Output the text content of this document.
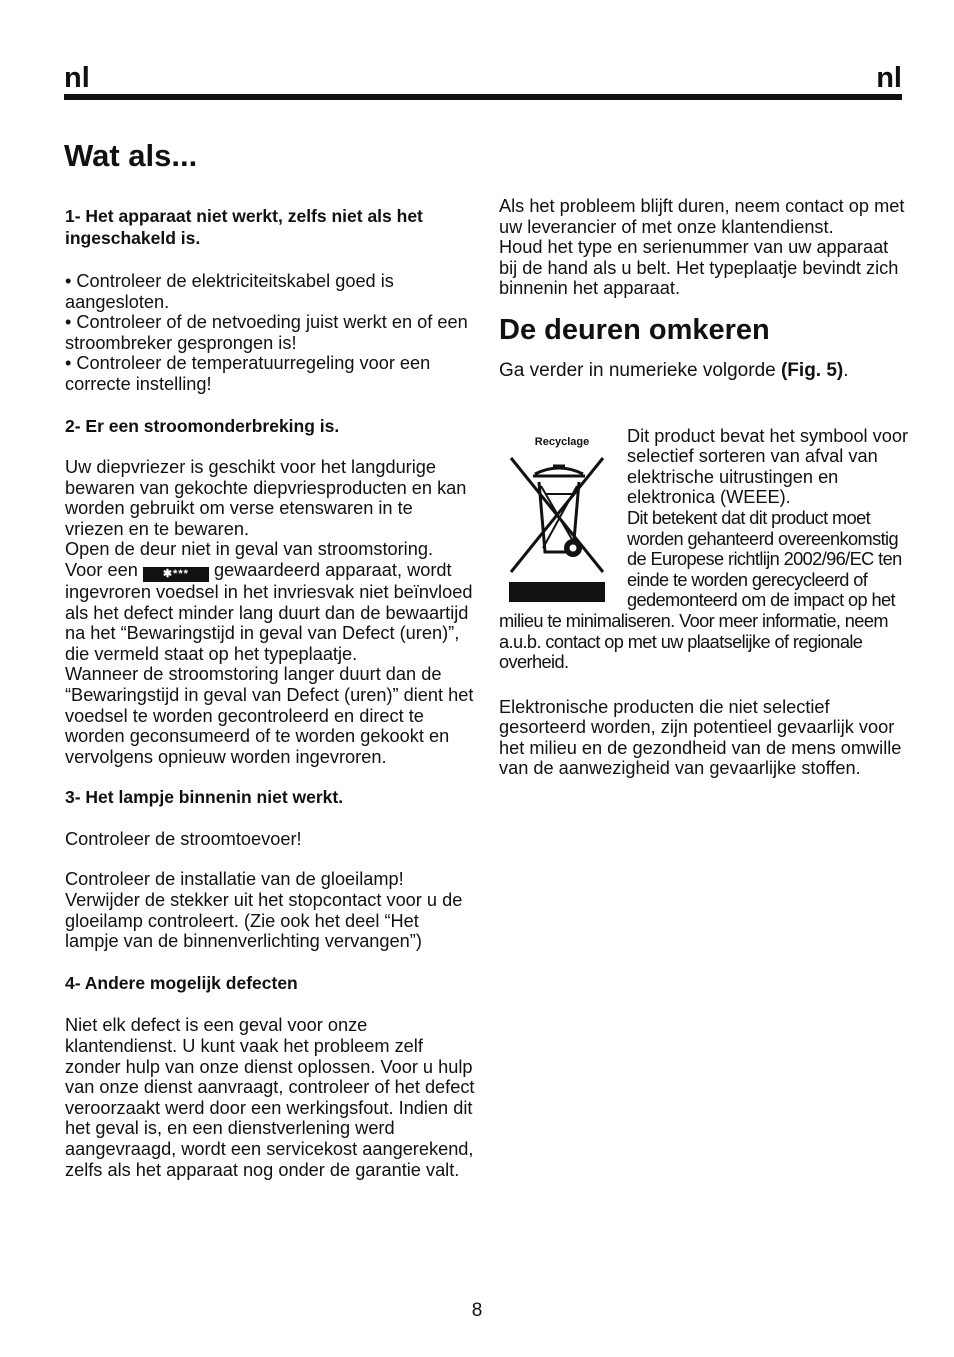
nl	nl
Wat als...

1- Het apparaat niet werkt, zelfs niet als het ingeschakeld is.

• Controleer de elektriciteitskabel goed is aangesloten.

• Controleer of de netvoeding juist werkt en of een stroombreker gesprongen is!

• Controleer de temperatuurregeling voor een correcte instelling!

2- Er een stroomonderbreking is.

Uw diepvriezer is geschikt voor het langdurige bewaren van gekochte diepvriesproducten en kan worden gebruikt om verse etenswaren in te vriezen en te bewaren.

Open de deur niet in geval van stroomstoring.

Voor een ✱*** gewaardeerd apparaat, wordt ingevroren voedsel in het invriesvak niet beïnvloed als het defect minder lang duurt dan de bewaartijd na het “Bewaringstijd in geval van Defect (uren)”, die vermeld staat op het typeplaatje.

Wanneer de stroomstoring langer duurt dan de “Bewaringstijd in geval van Defect (uren)” dient het voedsel te worden gecontroleerd en direct te worden geconsumeerd of te worden gekookt en vervolgens opnieuw worden ingevroren.

3- Het lampje binnenin niet werkt.

Controleer de stroomtoevoer!

Controleer de installatie van de gloeilamp! Verwijder de stekker uit het stopcontact voor u de gloeilamp controleert. (Zie ook het deel “Het lampje van de binnenverlichting vervangen”)

4- Andere mogelijk defecten

Niet elk defect is een geval voor onze klantendienst. U kunt vaak het probleem zelf zonder hulp van onze dienst oplossen. Voor u hulp van onze dienst aanvraagt, controleer of het defect veroorzaakt werd door een werkingsfout. Indien dit het geval is, en een dienstverlening werd aangevraagd, wordt een servicekost aangerekend, zelfs als het apparaat nog onder de garantie valt.

Als het probleem blijft duren, neem contact op met uw leverancier of met onze klantendienst.

Houd het type en serienummer van uw apparaat bij de hand als u belt. Het typeplaatje bevindt zich binnenin het apparaat.

De deuren omkeren

Ga verder in numerieke volgorde (Fig. 5).

Recyclage	Dit product bevat het symbool voor selectief sorteren van afval van elektrische uitrustingen en elektronica (WEEE).

Dit betekent dat dit product moet worden gehanteerd overeenkomstig de Europese richtlijn 2002/96/EC ten einde te worden gerecycleerd of gedemonteerd om de impact op het milieu te minimaliseren. Voor meer informatie, neem a.u.b. contact op met uw plaatselijke of regionale overheid.

Elektronische producten die niet selectief gesorteerd worden, zijn potentieel gevaarlijk voor het milieu en de gezondheid van de mens omwille van de aanwezigheid van gevaarlijke stoffen.

8
